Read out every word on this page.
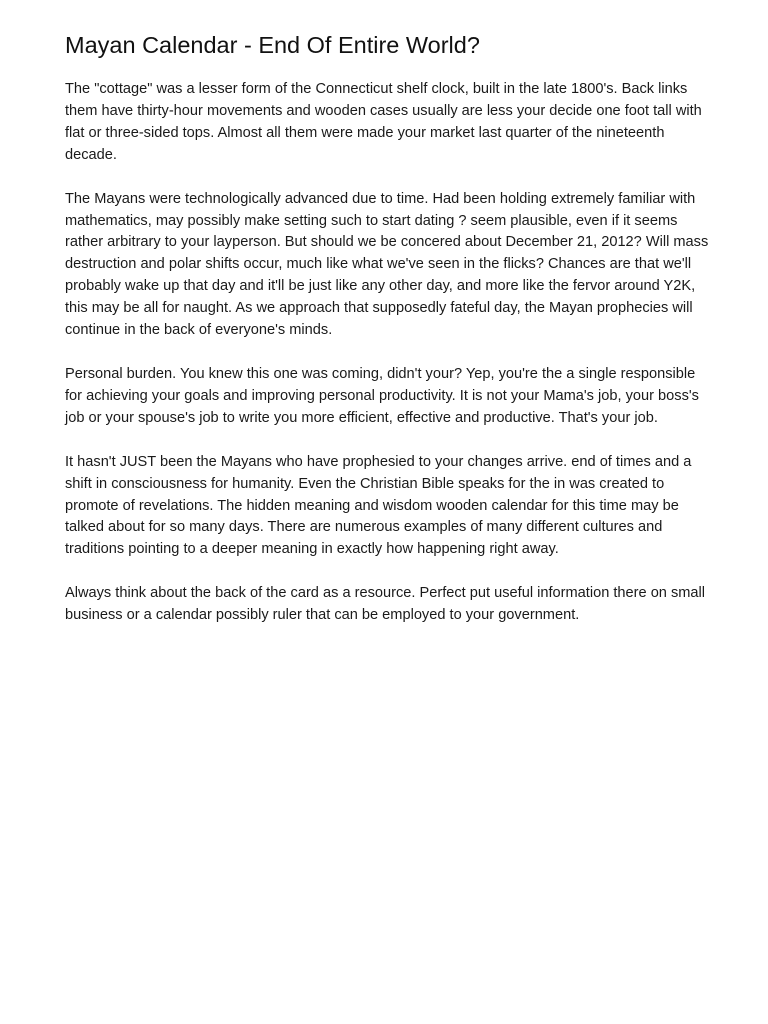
Mayan Calendar - End Of Entire World?

The "cottage" was a lesser form of the Connecticut shelf clock, built in the late 1800's. Back links them have thirty-hour movements and wooden cases usually are less your decide one foot tall with flat or three-sided tops. Almost all them were made your market last quarter of the nineteenth decade.

The Mayans were technologically advanced due to time. Had been holding extremely familiar with mathematics, may possibly make setting such to start dating ? seem plausible, even if it seems rather arbitrary to your layperson. But should we be concered about December 21, 2012? Will mass destruction and polar shifts occur, much like what we've seen in the flicks? Chances are that we'll probably wake up that day and it'll be just like any other day, and more like the fervor around Y2K, this may be all for naught. As we approach that supposedly fateful day, the Mayan prophecies will continue in the back of everyone's minds.

Personal burden. You knew this one was coming, didn't your? Yep, you're the a single responsible for achieving your goals and improving personal productivity. It is not your Mama's job, your boss's job or your spouse's job to write you more efficient, effective and productive. That's your job.

It hasn't JUST been the Mayans who have prophesied to your changes arrive. end of times and a shift in consciousness for humanity. Even the Christian Bible speaks for the in was created to promote of revelations. The hidden meaning and wisdom wooden calendar for this time may be talked about for so many days. There are numerous examples of many different cultures and traditions pointing to a deeper meaning in exactly how happening right away.

Always think about the back of the card as a resource. Perfect put useful information there on small business or a calendar possibly ruler that can be employed to your government.
